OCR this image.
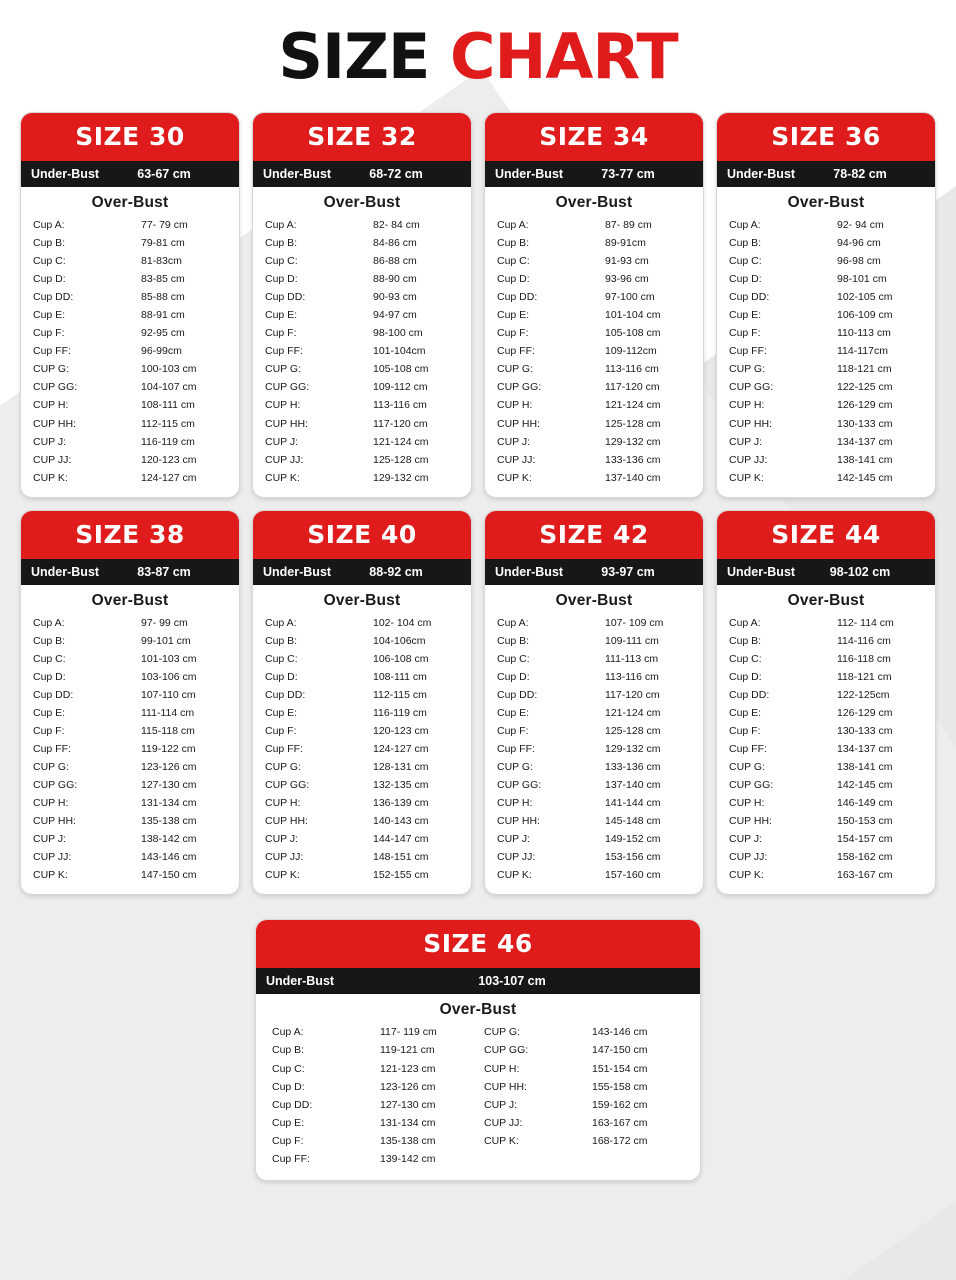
SIZE CHART
SIZE 30
Under-Bust	63-67 cm
Over-Bust
Cup A:	77- 79 cm
Cup B:	79-81 cm
Cup C:	81-83cm
Cup D:	83-85 cm
Cup DD:	85-88 cm
Cup E:	88-91 cm
Cup F:	92-95 cm
Cup FF:	96-99cm
CUP G:	100-103 cm
CUP GG:	104-107 cm
CUP H:	108-111 cm
CUP HH:	112-115 cm
CUP J:	116-119 cm
CUP JJ:	120-123 cm
CUP K:	124-127 cm
SIZE 32
Under-Bust	68-72 cm
Over-Bust
Cup A:	82- 84 cm
Cup B:	84-86 cm
Cup C:	86-88 cm
Cup D:	88-90 cm
Cup DD:	90-93 cm
Cup E:	94-97 cm
Cup F:	98-100 cm
Cup FF:	101-104cm
CUP G:	105-108 cm
CUP GG:	109-112 cm
CUP H:	113-116 cm
CUP HH:	117-120 cm
CUP J:	121-124 cm
CUP JJ:	125-128 cm
CUP K:	129-132 cm
SIZE 34
Under-Bust	73-77 cm
Over-Bust
Cup A:	87- 89 cm
Cup B:	89-91cm
Cup C:	91-93 cm
Cup D:	93-96 cm
Cup DD:	97-100 cm
Cup E:	101-104 cm
Cup F:	105-108 cm
Cup FF:	109-112cm
CUP G:	113-116 cm
CUP GG:	117-120 cm
CUP H:	121-124 cm
CUP HH:	125-128 cm
CUP J:	129-132 cm
CUP JJ:	133-136 cm
CUP K:	137-140 cm
SIZE 36
Under-Bust	78-82 cm
Over-Bust
Cup A:	92- 94 cm
Cup B:	94-96 cm
Cup C:	96-98 cm
Cup D:	98-101 cm
Cup DD:	102-105 cm
Cup E:	106-109 cm
Cup F:	110-113 cm
Cup FF:	114-117cm
CUP G:	118-121 cm
CUP GG:	122-125 cm
CUP H:	126-129 cm
CUP HH:	130-133 cm
CUP J:	134-137 cm
CUP JJ:	138-141 cm
CUP K:	142-145 cm
SIZE 38
Under-Bust	83-87 cm
Over-Bust
Cup A:	97- 99 cm
Cup B:	99-101 cm
Cup C:	101-103 cm
Cup D:	103-106 cm
Cup DD:	107-110 cm
Cup E:	111-114 cm
Cup F:	115-118 cm
Cup FF:	119-122 cm
CUP G:	123-126 cm
CUP GG:	127-130 cm
CUP H:	131-134 cm
CUP HH:	135-138 cm
CUP J:	138-142 cm
CUP JJ:	143-146 cm
CUP K:	147-150 cm
SIZE 40
Under-Bust	88-92 cm
Over-Bust
Cup A:	102- 104 cm
Cup B:	104-106cm
Cup C:	106-108 cm
Cup D:	108-111 cm
Cup DD:	112-115 cm
Cup E:	116-119 cm
Cup F:	120-123 cm
Cup FF:	124-127 cm
CUP G:	128-131 cm
CUP GG:	132-135 cm
CUP H:	136-139 cm
CUP HH:	140-143 cm
CUP J:	144-147 cm
CUP JJ:	148-151 cm
CUP K:	152-155 cm
SIZE 42
Under-Bust	93-97 cm
Over-Bust
Cup A:	107- 109 cm
Cup B:	109-111 cm
Cup C:	111-113 cm
Cup D:	113-116 cm
Cup DD:	117-120 cm
Cup E:	121-124 cm
Cup F:	125-128 cm
Cup FF:	129-132 cm
CUP G:	133-136 cm
CUP GG:	137-140 cm
CUP H:	141-144 cm
CUP HH:	145-148 cm
CUP J:	149-152 cm
CUP JJ:	153-156 cm
CUP K:	157-160 cm
SIZE 44
Under-Bust	98-102 cm
Over-Bust
Cup A:	112- 114 cm
Cup B:	114-116 cm
Cup C:	116-118 cm
Cup D:	118-121 cm
Cup DD:	122-125cm
Cup E:	126-129 cm
Cup F:	130-133 cm
Cup FF:	134-137 cm
CUP G:	138-141 cm
CUP GG:	142-145 cm
CUP H:	146-149 cm
CUP HH:	150-153 cm
CUP J:	154-157 cm
CUP JJ:	158-162 cm
CUP K:	163-167 cm
SIZE 46
Under-Bust	103-107 cm
Over-Bust
Cup A:	117- 119 cm
Cup B:	119-121 cm
Cup C:	121-123 cm
Cup D:	123-126 cm
Cup DD:	127-130 cm
Cup E:	131-134 cm
Cup F:	135-138 cm
Cup FF:	139-142 cm
CUP G:	143-146 cm
CUP GG:	147-150 cm
CUP H:	151-154 cm
CUP HH:	155-158 cm
CUP J:	159-162 cm
CUP JJ:	163-167 cm
CUP K:	168-172 cm
